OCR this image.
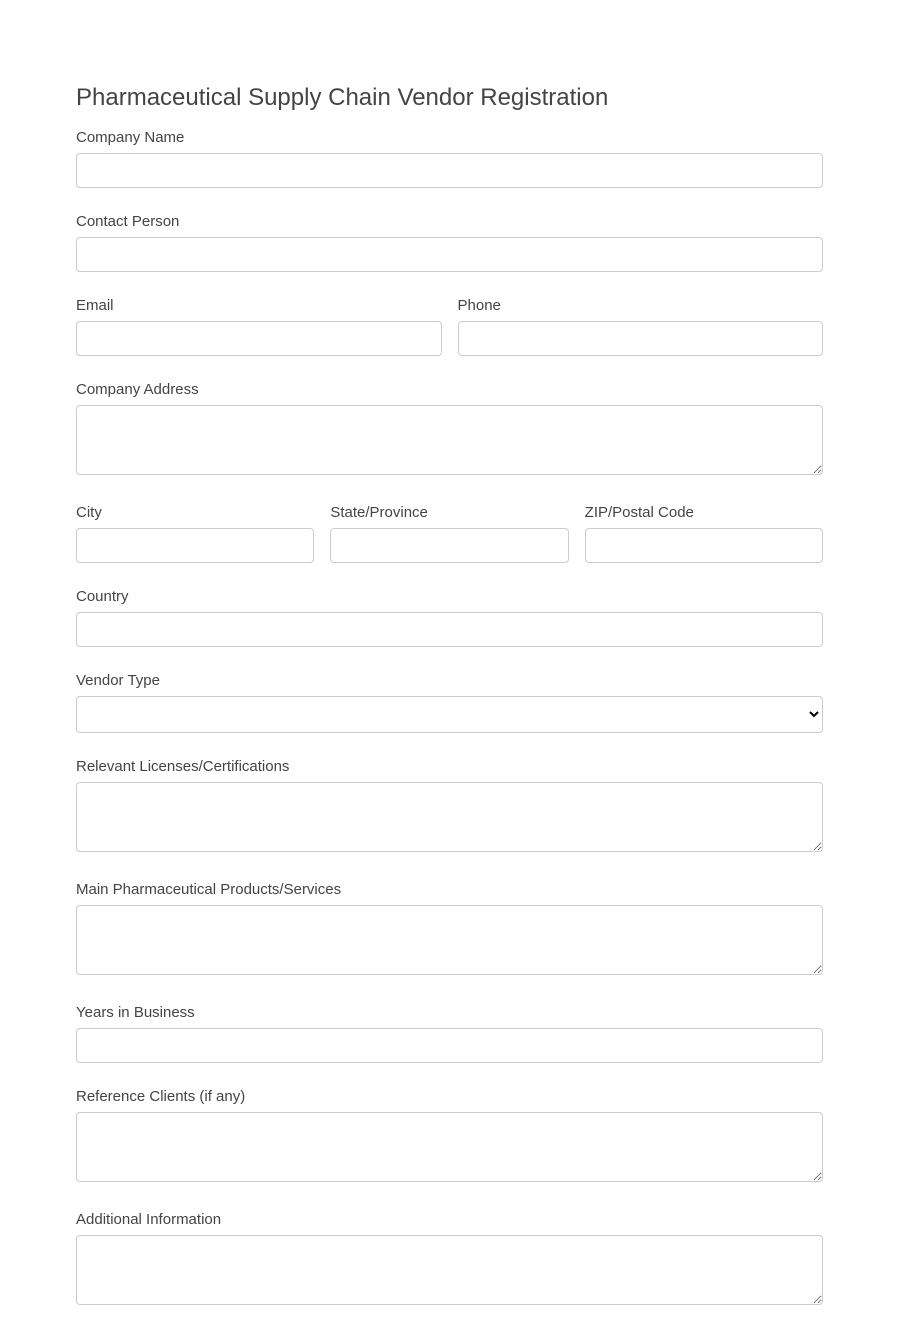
Pharmaceutical Supply Chain Vendor Registration
Company Name
Contact Person
Email	Phone
Company Address
City	State/Province	ZIP/Postal Code
Country
Vendor Type
Relevant Licenses/Certifications
Main Pharmaceutical Products/Services
Years in Business
Reference Clients (if any)
Additional Information
